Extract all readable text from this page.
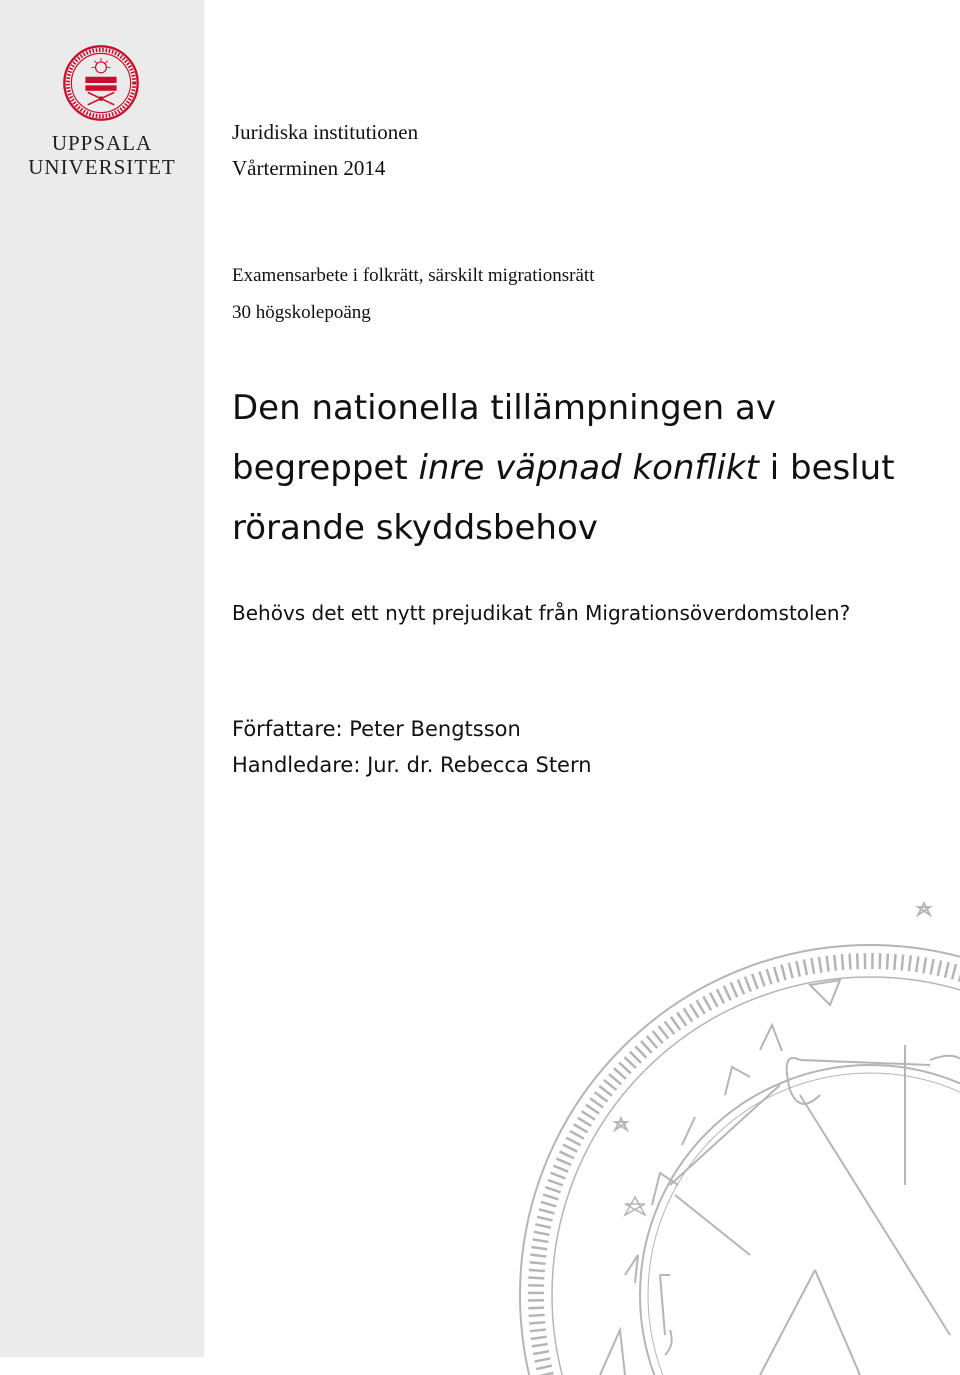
UPPSALA
UNIVERSITET
Juridiska institutionen
Vårterminen 2014
Examensarbete i folkrätt, särskilt migrationsrätt
30 högskolepoäng
Den nationella tillämpningen av
begreppet inre väpnad konflikt i beslut
rörande skyddsbehov
Behövs det ett nytt prejudikat från Migrationsöverdomstolen?
Författare: Peter Bengtsson
Handledare: Jur. dr. Rebecca Stern
